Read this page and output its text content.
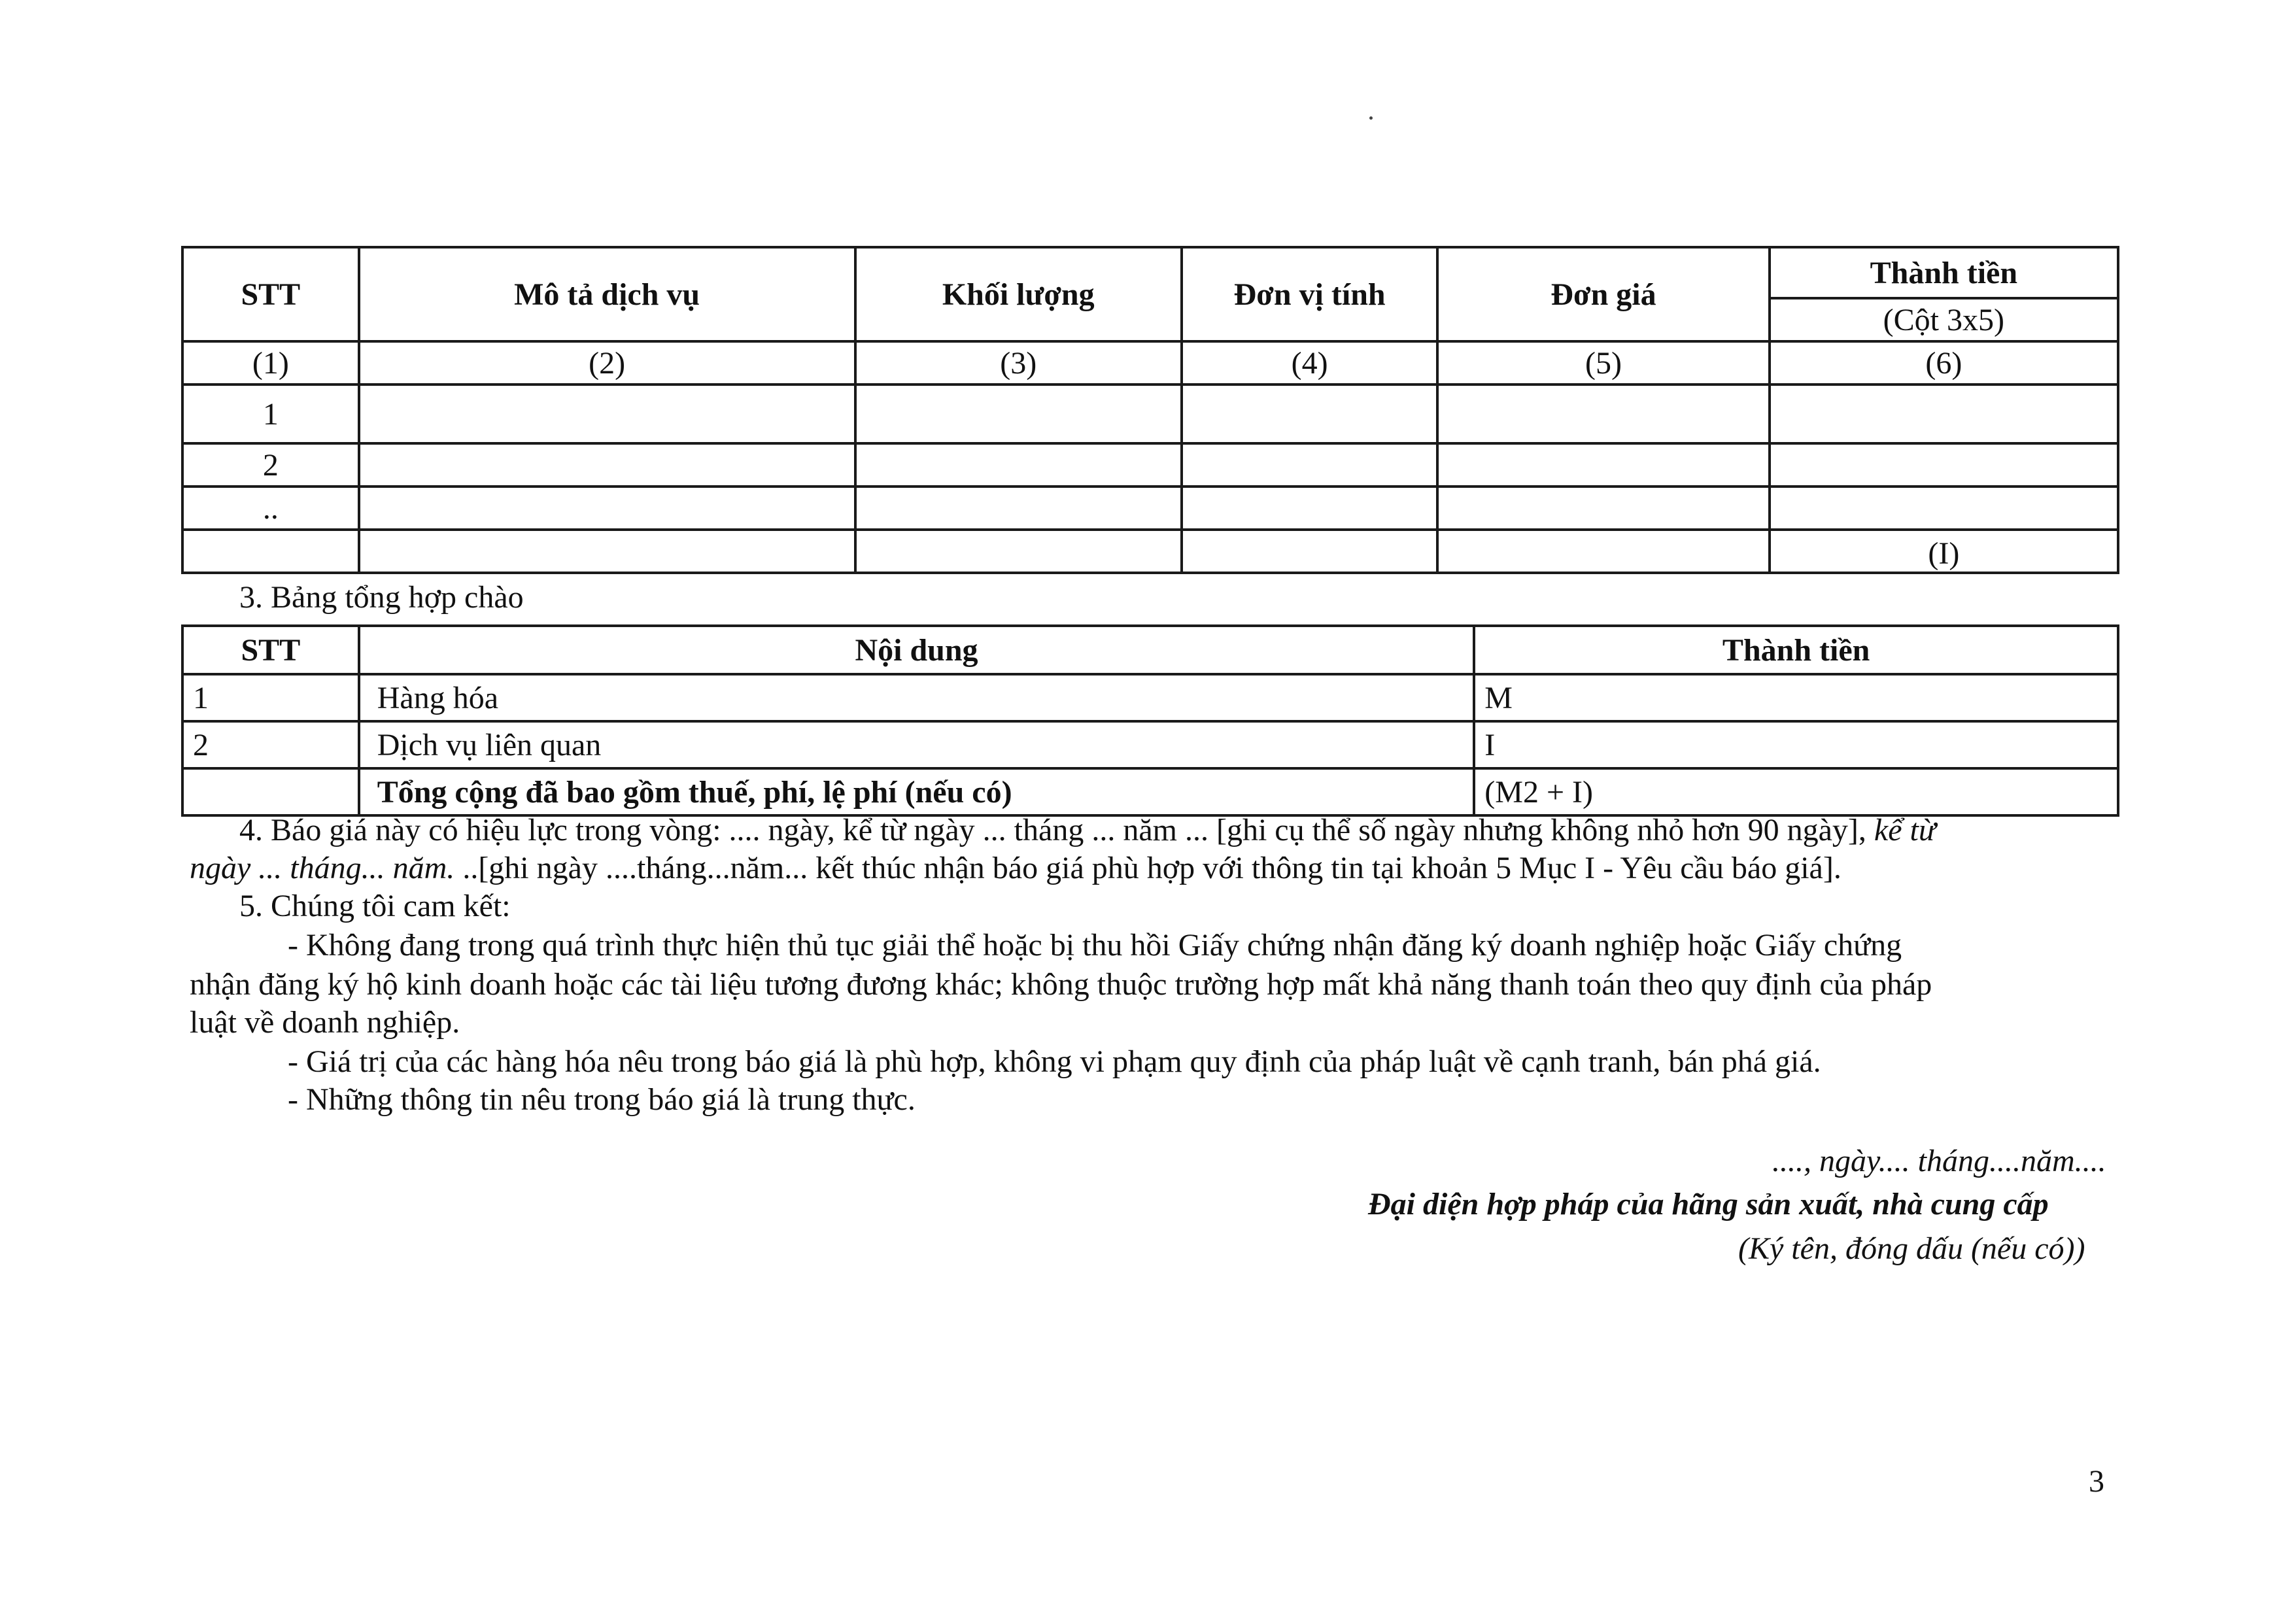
STT	Mô tả dịch vụ	Khối lượng	Đơn vị tính	Đơn giá	Thành tiền
					(Cột 3x5)
(1)	(2)	(3)	(4)	(5)	(6)
1					
2					
..					
					(I)
3. Bảng tổng hợp chào
STT	Nội dung	Thành tiền
1	Hàng hóa	M
2	Dịch vụ liên quan	I
	Tổng cộng đã bao gồm thuế, phí, lệ phí (nếu có)	(M2 + I)
4. Báo giá này có hiệu lực trong vòng: .... ngày, kể từ ngày ... tháng ... năm ... [ghi cụ thể số ngày nhưng không nhỏ hơn 90 ngày], kể từ
ngày ... tháng... năm. ..[ghi ngày ....tháng...năm... kết thúc nhận báo giá phù hợp với thông tin tại khoản 5 Mục I - Yêu cầu báo giá].
5. Chúng tôi cam kết:
- Không đang trong quá trình thực hiện thủ tục giải thể hoặc bị thu hồi Giấy chứng nhận đăng ký doanh nghiệp hoặc Giấy chứng
nhận đăng ký hộ kinh doanh hoặc các tài liệu tương đương khác; không thuộc trường hợp mất khả năng thanh toán theo quy định của pháp
luật về doanh nghiệp.
- Giá trị của các hàng hóa nêu trong báo giá là phù hợp, không vi phạm quy định của pháp luật về cạnh tranh, bán phá giá.
- Những thông tin nêu trong báo giá là trung thực.
...., ngày.... tháng....năm....
Đại diện hợp pháp của hãng sản xuất, nhà cung cấp
(Ký tên, đóng dấu (nếu có))
3
